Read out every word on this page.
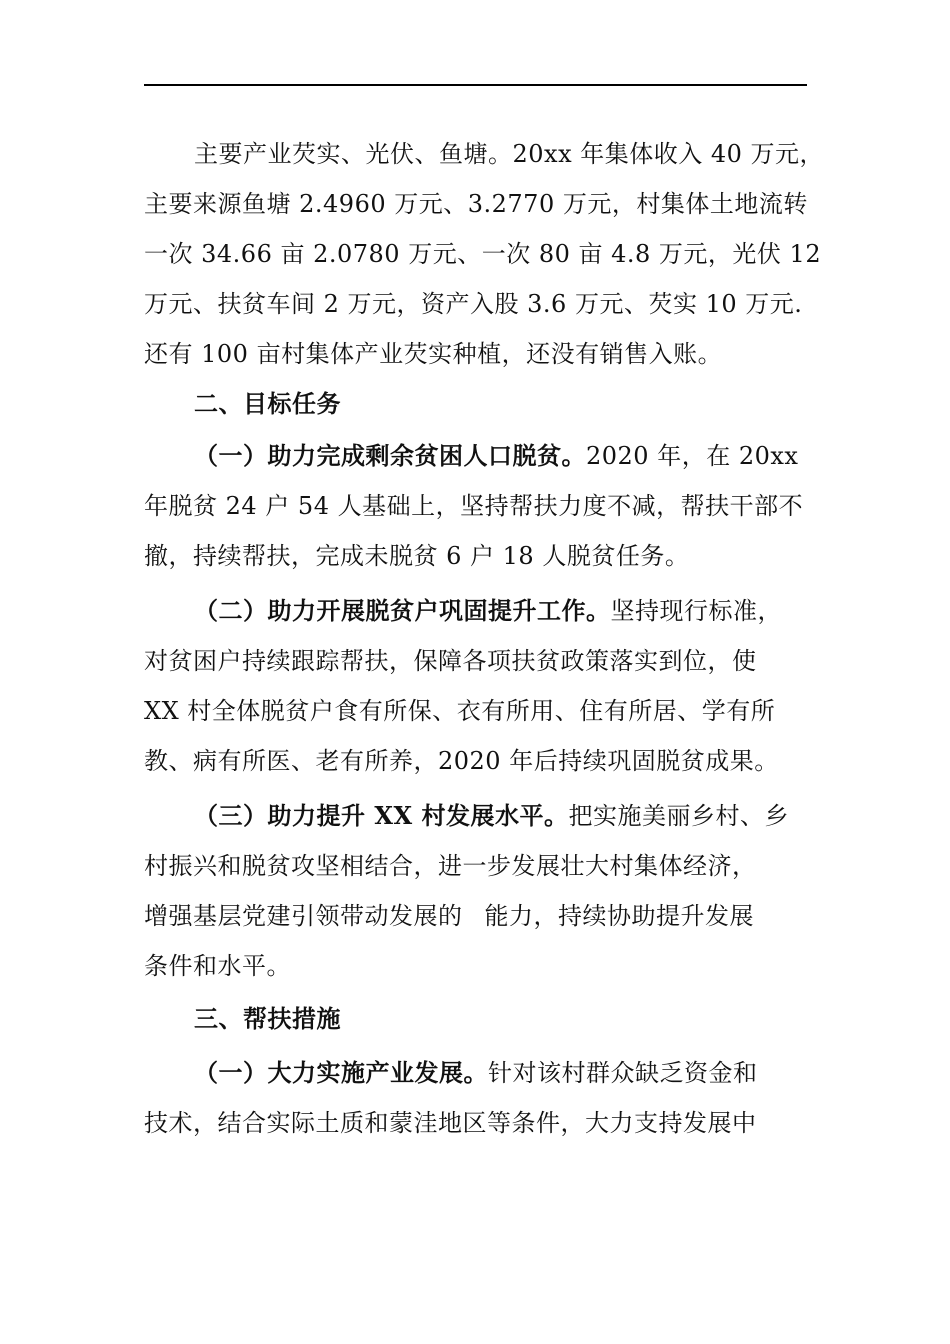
主要产业芡实、光伏、鱼塘。20xx 年集体收入 40 万元，
主要来源鱼塘 2.4960 万元、3.2770 万元，村集体土地流转
一次 34.66 亩 2.0780 万元、一次 80 亩 4.8 万元，光伏 12
万元、扶贫车间 2 万元，资产入股 3.6 万元、芡实 10 万元.
还有 100 亩村集体产业芡实种植，还没有销售入账。
二、目标任务
（一）助力完成剩余贫困人口脱贫。2020 年，在 20xx
年脱贫 24 户 54 人基础上，坚持帮扶力度不减，帮扶干部不
撤，持续帮扶，完成未脱贫 6 户 18 人脱贫任务。
（二）助力开展脱贫户巩固提升工作。坚持现行标准，
对贫困户持续跟踪帮扶，保障各项扶贫政策落实到位，使
XX 村全体脱贫户食有所保、衣有所用、住有所居、学有所
教、病有所医、老有所养，2020 年后持续巩固脱贫成果。
（三）助力提升 XX 村发展水平。把实施美丽乡村、乡
村振兴和脱贫攻坚相结合，进一步发展壮大村集体经济，
增强基层党建引领带动发展的 能力，持续协助提升发展
条件和水平。
三、帮扶措施
（一）大力实施产业发展。针对该村群众缺乏资金和
技术，结合实际土质和蒙洼地区等条件，大力支持发展中
